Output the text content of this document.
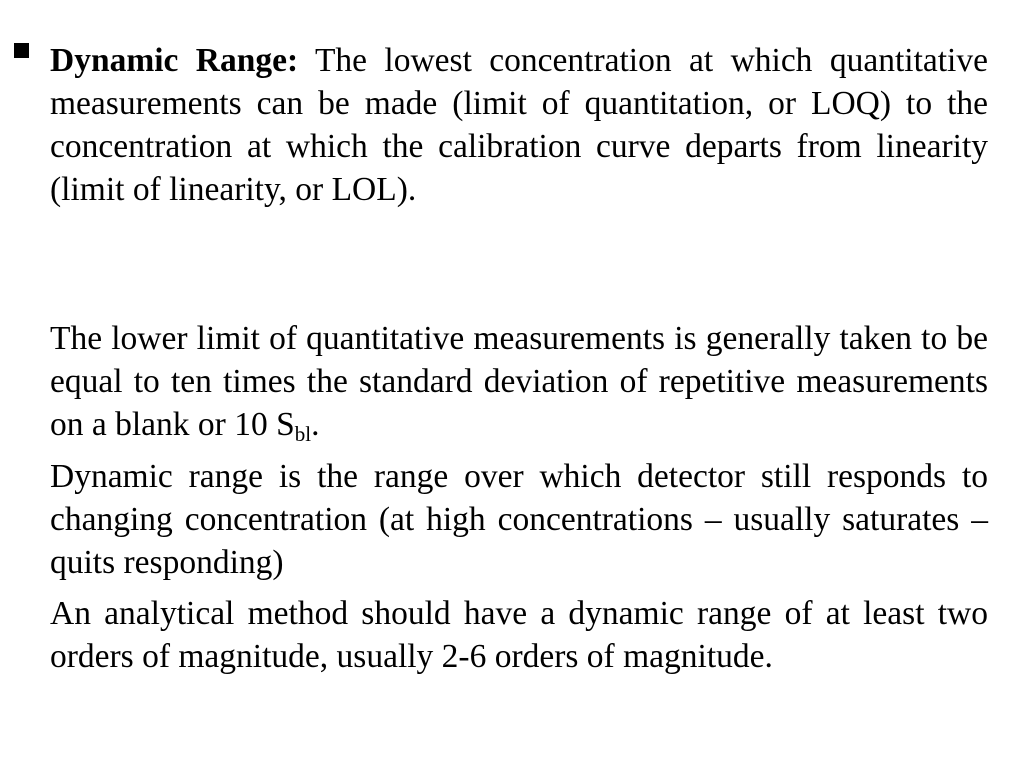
Dynamic Range: The lowest concentration at which quantitative measurements can be made (limit of quantitation, or LOQ) to the concentration at which the calibration curve departs from linearity (limit of linearity, or LOL).

The lower limit of quantitative measurements is generally taken to be equal to ten times the standard deviation of repetitive measurements on a blank or 10 $S_{bl}$.

Dynamic range is the range over which detector still responds to changing concentration (at high concentrations – usually saturates – quits responding)

An analytical method should have a dynamic range of at least two orders of magnitude, usually 2-6 orders of magnitude.
